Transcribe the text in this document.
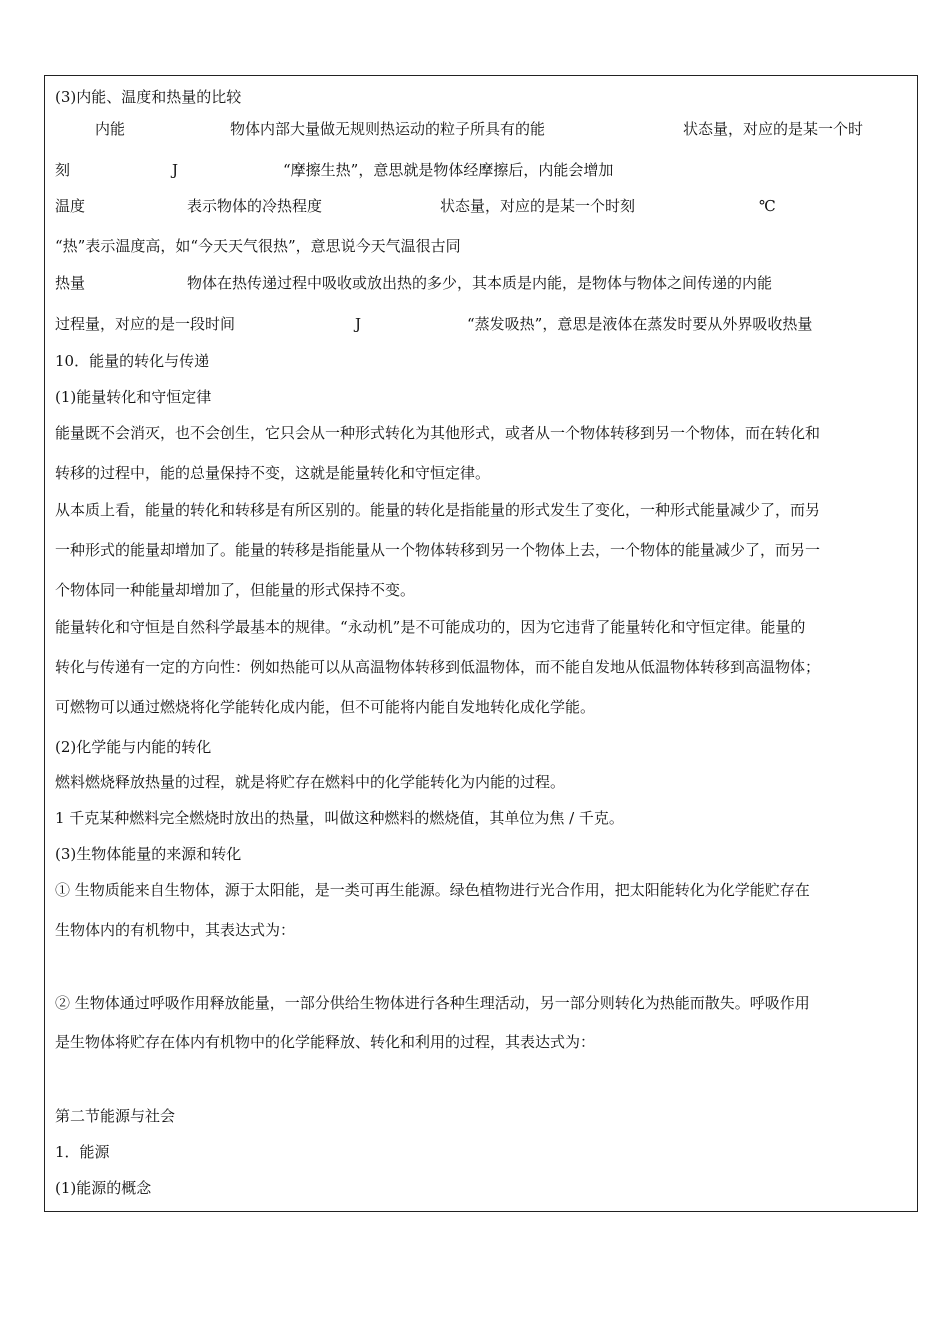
(3)内能、温度和热量的比较
内能	物体内部大量做无规则热运动的粒子所具有的能	状态量，对应的是某一个时
刻	J	“摩擦生热”，意思就是物体经摩擦后，内能会增加
温度	表示物体的冷热程度	状态量，对应的是某一个时刻	℃
“热”表示温度高，如“今天天气很热”，意思说今天气温很古同
热量	物体在热传递过程中吸收或放出热的多少，其本质是内能，是物体与物体之间传递的内能
过程量，对应的是一段时间	J	“蒸发吸热”，意思是液体在蒸发时要从外界吸收热量
10．能量的转化与传递
(1)能量转化和守恒定律
能量既不会消灭，也不会创生，它只会从一种形式转化为其他形式，或者从一个物体转移到另一个物体，而在转化和
转移的过程中，能的总量保持不变，这就是能量转化和守恒定律。
从本质上看，能量的转化和转移是有所区别的。能量的转化是指能量的形式发生了变化，一种形式能量减少了，而另
一种形式的能量却增加了。能量的转移是指能量从一个物体转移到另一个物体上去，一个物体的能量减少了，而另一
个物体同一种能量却增加了，但能量的形式保持不变。
能量转化和守恒是自然科学最基本的规律。“永动机”是不可能成功的，因为它违背了能量转化和守恒定律。能量的
转化与传递有一定的方向性：例如热能可以从高温物体转移到低温物体，而不能自发地从低温物体转移到高温物体；
可燃物可以通过燃烧将化学能转化成内能，但不可能将内能自发地转化成化学能。
(2)化学能与内能的转化
燃料燃烧释放热量的过程，就是将贮存在燃料中的化学能转化为内能的过程。
1 千克某种燃料完全燃烧时放出的热量，叫做这种燃料的燃烧值，其单位为焦 / 千克。
(3)生物体能量的来源和转化
① 生物质能来自生物体，源于太阳能，是一类可再生能源。绿色植物进行光合作用，把太阳能转化为化学能贮存在
生物体内的有机物中，其表达式为：
② 生物体通过呼吸作用释放能量，一部分供给生物体进行各种生理活动，另一部分则转化为热能而散失。呼吸作用
是生物体将贮存在体内有机物中的化学能释放、转化和利用的过程，其表达式为：
第二节能源与社会
1．能源
(1)能源的概念
